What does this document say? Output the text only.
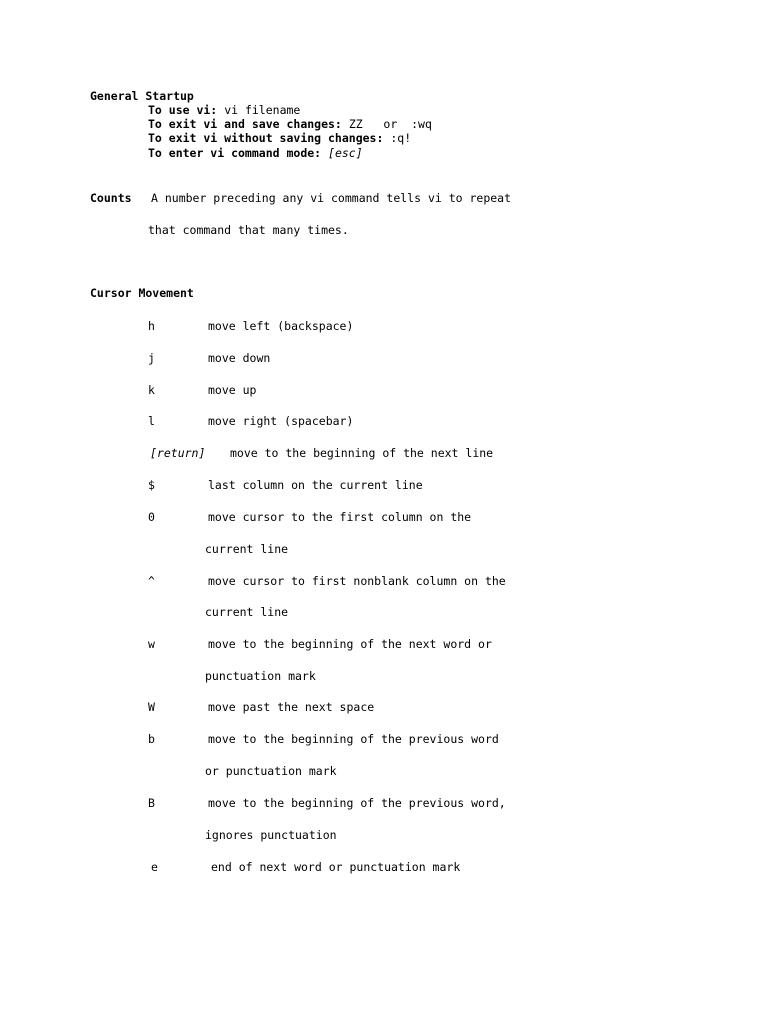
General Startup
To use vi: vi filename
To exit vi and save changes: ZZ   or  :wq
To exit vi without saving changes: :q!
To enter vi command mode: [esc]
Counts A number preceding any vi command tells vi to repeat
that command that many times.
Cursor Movement
h	move left (backspace)
j	move down
k	move up
l	move right (spacebar)
[return] move to the beginning of the next line
$	last column on the current line
0	move cursor to the first column on the
current line
^	move cursor to first nonblank column on the
current line
w	move to the beginning of the next word or
punctuation mark
W	move past the next space
b	move to the beginning of the previous word
or punctuation mark
B	move to the beginning of the previous word,
ignores punctuation
e	end of next word or punctuation mark
